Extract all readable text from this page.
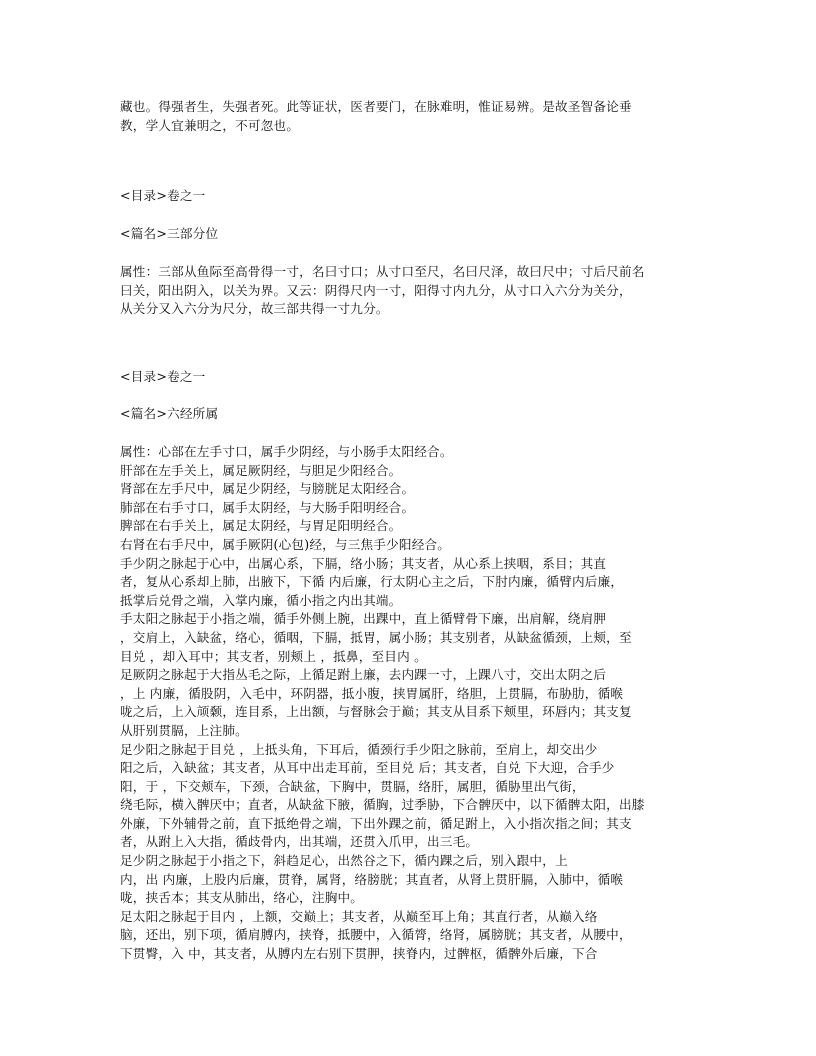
藏也。得强者生，失强者死。此等证状，医者要门，在脉难明，惟证易辨。是故圣智备论垂
教，学人宜兼明之，不可忽也。
<目录>卷之一
<篇名>三部分位
属性：三部从鱼际至高骨得一寸，名曰寸口；从寸口至尺，名曰尺泽，故曰尺中；寸后尺前名
曰关，阳出阴入，以关为界。又云：阴得尺内一寸，阳得寸内九分，从寸口入六分为关分，
从关分又入六分为尺分，故三部共得一寸九分。
<目录>卷之一
<篇名>六经所属
属性：心部在左手寸口，属手少阴经，与小肠手太阳经合。
肝部在左手关上，属足厥阴经，与胆足少阳经合。
肾部在左手尺中，属足少阴经，与膀胱足太阳经合。
肺部在右手寸口，属手太阴经，与大肠手阳明经合。
脾部在右手关上，属足太阴经，与胃足阳明经合。
右肾在右手尺中，属手厥阴(心包)经，与三焦手少阳经合。
手少阴之脉起于心中，出属心系，下膈，络小肠；其支者，从心系上挟咽，系目；其直
者，复从心系却上肺，出腋下，下循 内后廉，行太阴心主之后，下肘内廉，循臂内后廉，
抵掌后兑骨之端，入掌内廉，循小指之内出其端。
手太阳之脉起于小指之端，循手外侧上腕，出踝中，直上循臂骨下廉，出肩解，绕肩胛
，交肩上，入缺盆，络心，循咽，下膈，抵胃，属小肠；其支别者，从缺盆循颈，上颊，至
目兑 ，却入耳中；其支者，别颊上 ，抵鼻，至目内 。
足厥阴之脉起于大指丛毛之际，上循足跗上廉，去内踝一寸，上踝八寸，交出太阴之后
，上 内廉，循股阴，入毛中，环阴器，抵小腹，挟胃属肝，络胆，上贯膈，布胁肋，循喉
咙之后，上入颃颡，连目系，上出额，与督脉会于巅；其支从目系下颊里，环唇内；其支复
从肝别贯膈，上注肺。
足少阳之脉起于目兑 ，上抵头角，下耳后，循颈行手少阳之脉前，至肩上，却交出少
阳之后，入缺盆；其支者，从耳中出走耳前，至目兑 后；其支者，自兑 下大迎，合手少
阳，于 ，下交颊车，下颈，合缺盆，下胸中，贯膈，络肝，属胆，循胁里出气街，
绕毛际，横入髀厌中；直者，从缺盆下腋，循胸，过季胁，下合髀厌中，以下循髀太阳，出膝
外廉，下外辅骨之前，直下抵绝骨之端，下出外踝之前，循足跗上，入小指次指之间；其支
者，从跗上入大指，循歧骨内，出其端，还贯入爪甲，出三毛。
足少阴之脉起于小指之下，斜趋足心，出然谷之下，循内踝之后，别入跟中，上
内，出 内廉，上股内后廉，贯脊，属肾，络膀胱；其直者，从肾上贯肝膈，入肺中，循喉
咙，挟舌本；其支从肺出，络心，注胸中。
足太阳之脉起于目内 ，上额，交巅上；其支者，从巅至耳上角；其直行者，从巅入络
脑，还出，别下项，循肩膊内，挟脊，抵腰中，入循膂，络肾，属膀胱；其支者，从腰中，
下贯臀，入 中，其支者，从膊内左右别下贯胛，挟脊内，过髀枢，循髀外后廉，下合
